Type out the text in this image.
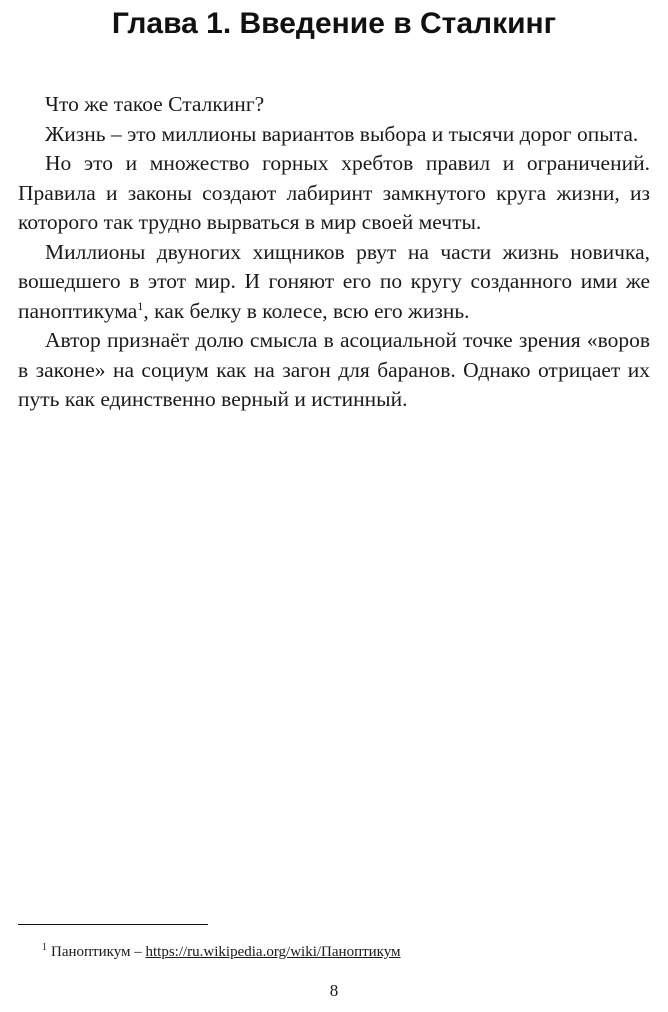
Глава 1. Введение в Сталкинг

Что же такое Сталкинг?

Жизнь – это миллионы вариантов выбора и тысячи дорог опыта.

Но это и множество горных хребтов правил и ограничений. Правила и законы создают лабиринт замкнутого круга жизни, из которого так трудно вырваться в мир своей мечты.

Миллионы двуногих хищников рвут на части жизнь новичка, вошедшего в этот мир. И гоняют его по кругу созданного ими же паноптикума$^1$, как белку в колесе, всю его жизнь.

Автор признаёт долю смысла в асоциальной точке зрения «воров в законе» на социум как на загон для баранов. Однако отрицает их путь как единственно верный и истинный.

$^1$ Паноптикум – https://ru.wikipedia.org/wiki/Паноптикум
8
